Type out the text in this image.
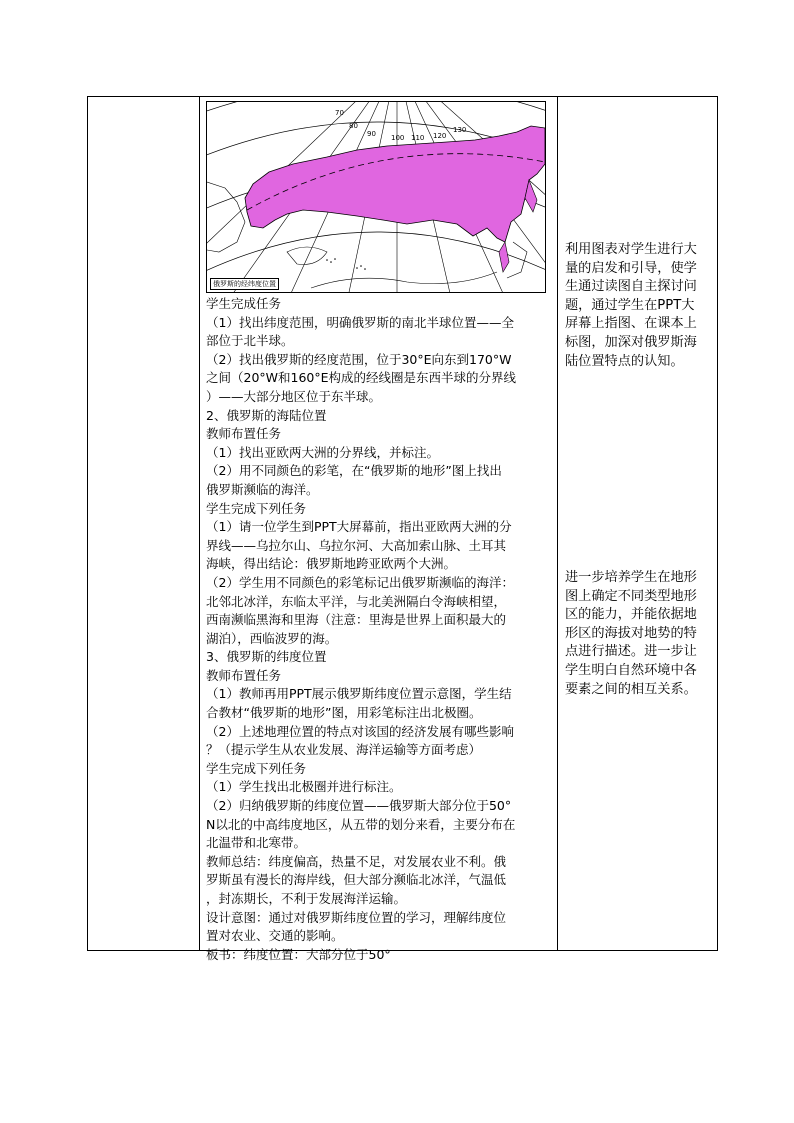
70
80
90 100 110 120
130
俄罗斯的经纬度位置
学生完成任务
（1）找出纬度范围，明确俄罗斯的南北半球位置——全
部位于北半球。
（2）找出俄罗斯的经度范围，位于30°E向东到170°W
之间（20°W和160°E构成的经线圈是东西半球的分界线
）——大部分地区位于东半球。
2、俄罗斯的海陆位置
教师布置任务
（1）找出亚欧两大洲的分界线，并标注。
（2）用不同颜色的彩笔，在“俄罗斯的地形”图上找出
俄罗斯濒临的海洋。
学生完成下列任务
（1）请一位学生到PPT大屏幕前，指出亚欧两大洲的分
界线——乌拉尔山、乌拉尔河、大高加索山脉、土耳其
海峡，得出结论：俄罗斯地跨亚欧两个大洲。
（2）学生用不同颜色的彩笔标记出俄罗斯濒临的海洋：
北邻北冰洋，东临太平洋，与北美洲隔白令海峡相望，
西南濒临黑海和里海（注意：里海是世界上面积最大的
湖泊），西临波罗的海。
3、俄罗斯的纬度位置
教师布置任务
（1）教师再用PPT展示俄罗斯纬度位置示意图，学生结
合教材“俄罗斯的地形”图，用彩笔标注出北极圈。
（2）上述地理位置的特点对该国的经济发展有哪些影响
？（提示学生从农业发展、海洋运输等方面考虑）
学生完成下列任务
（1）学生找出北极圈并进行标注。
（2）归纳俄罗斯的纬度位置——俄罗斯大部分位于50°
N以北的中高纬度地区，从五带的划分来看，主要分布在
北温带和北寒带。
教师总结：纬度偏高，热量不足，对发展农业不利。俄
罗斯虽有漫长的海岸线，但大部分濒临北冰洋，气温低
，封冻期长，不利于发展海洋运输。
设计意图：通过对俄罗斯纬度位置的学习，理解纬度位
置对农业、交通的影响。
板书：纬度位置：大部分位于50°
利用图表对学生进行大
量的启发和引导，使学
生通过读图自主探讨问
题，通过学生在PPT大
屏幕上指图、在课本上
标图，加深对俄罗斯海
陆位置特点的认知。
进一步培养学生在地形
图上确定不同类型地形
区的能力，并能依据地
形区的海拔对地势的特
点进行描述。进一步让
学生明白自然环境中各
要素之间的相互关系。
